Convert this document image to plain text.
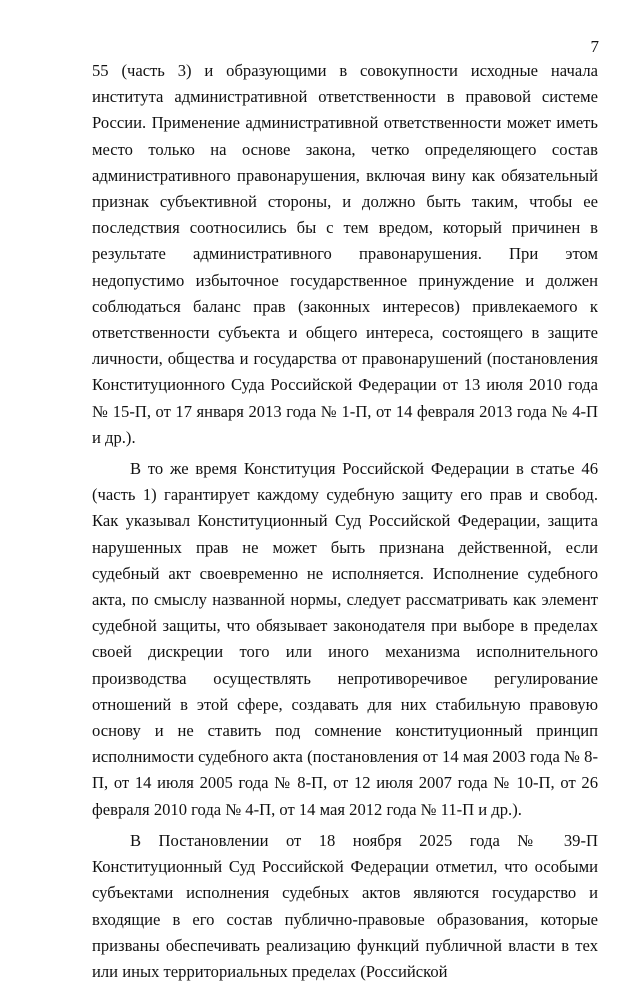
7

55 (часть 3) и образующими в совокупности исходные начала института административной ответственности в правовой системе России. Применение административной ответственности может иметь место только на основе закона, четко определяющего состав административного правонарушения, включая вину как обязательный признак субъективной стороны, и должно быть таким, чтобы ее последствия соотносились бы с тем вредом, который причинен в результате административного правонарушения. При этом недопустимо избыточное государственное принуждение и должен соблюдаться баланс прав (законных интересов) привлекаемого к ответственности субъекта и общего интереса, состоящего в защите личности, общества и государства от правонарушений (постановления Конституционного Суда Российской Федерации от 13 июля 2010 года № 15-П, от 17 января 2013 года № 1-П, от 14 февраля 2013 года № 4-П и др.).

В то же время Конституция Российской Федерации в статье 46 (часть 1) гарантирует каждому судебную защиту его прав и свобод. Как указывал Конституционный Суд Российской Федерации, защита нарушенных прав не может быть признана действенной, если судебный акт своевременно не исполняется. Исполнение судебного акта, по смыслу названной нормы, следует рассматривать как элемент судебной защиты, что обязывает законодателя при выборе в пределах своей дискреции того или иного механизма исполнительного производства осуществлять непротиворечивое регулирование отношений в этой сфере, создавать для них стабильную правовую основу и не ставить под сомнение конституционный принцип исполнимости судебного акта (постановления от 14 мая 2003 года № 8-П, от 14 июля 2005 года № 8-П, от 12 июля 2007 года № 10-П, от 26 февраля 2010 года № 4-П, от 14 мая 2012 года № 11-П и др.).

В Постановлении от 18 ноября 2025 года № 39-П Конституционный Суд Российской Федерации отметил, что особыми субъектами исполнения судебных актов являются государство и входящие в его состав публично-правовые образования, которые призваны обеспечивать реализацию функций публичной власти в тех или иных территориальных пределах (Российской
